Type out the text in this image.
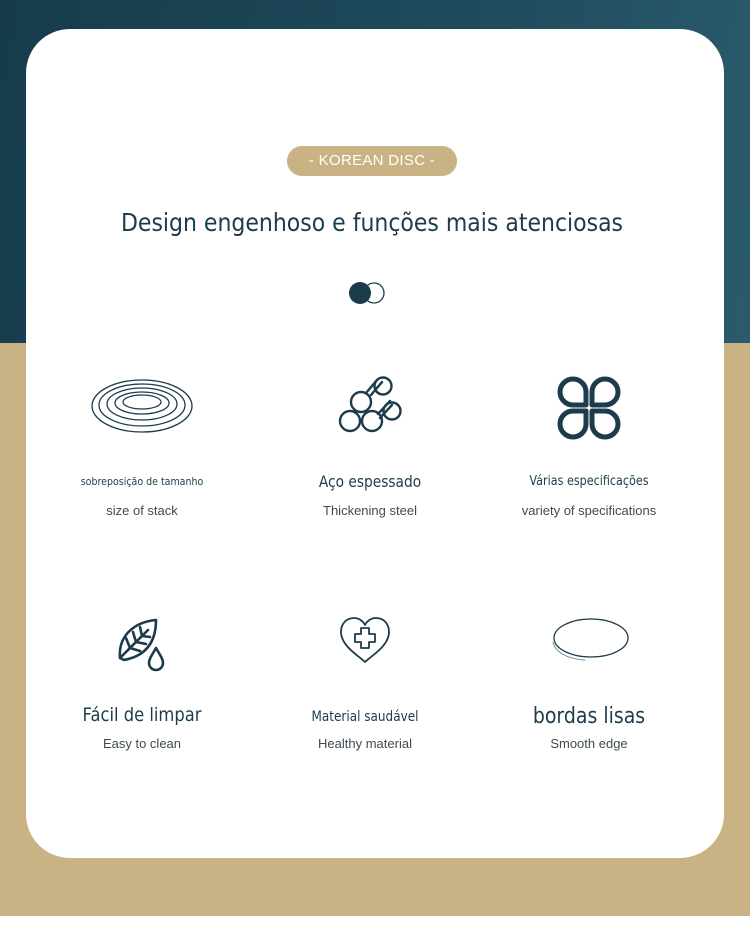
- KOREAN DISC -
Design engenhoso e funções mais atenciosas
sobreposição de tamanho
size of stack
Aço espessado
Thickening steel
Várias especificações
variety of specifications
Fácil de limpar
Easy to clean
Material saudável
Healthy material
bordas lisas
Smooth edge
